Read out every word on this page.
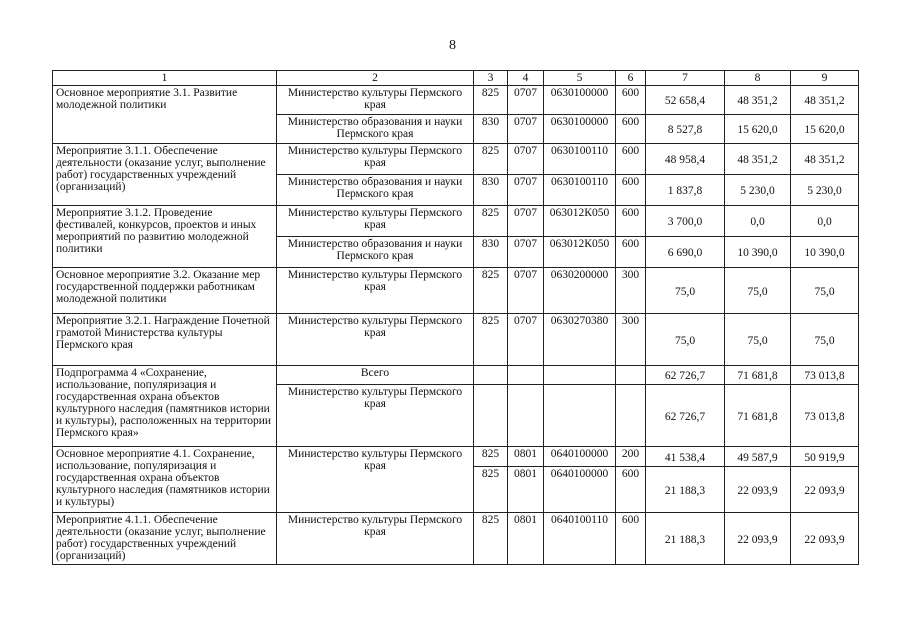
8
1	2	3	4	5	6	7	8	9
Основное мероприятие 3.1. Развитие молодежной политики	Министерство культуры Пермского края	825	0707	0630100000	600	52 658,4	48 351,2	48 351,2
	Министерство образования и науки Пермского края	830	0707	0630100000	600	8 527,8	15 620,0	15 620,0
Мероприятие 3.1.1. Обеспечение деятельности (оказание услуг, выполнение работ) государственных учреждений (организаций)	Министерство культуры Пермского края	825	0707	0630100110	600	48 958,4	48 351,2	48 351,2
	Министерство образования и науки Пермского края	830	0707	0630100110	600	1 837,8	5 230,0	5 230,0
Мероприятие 3.1.2. Проведение фестивалей, конкурсов, проектов и иных мероприятий по развитию молодежной политики	Министерство культуры Пермского края	825	0707	063012К050	600	3 700,0	0,0	0,0
	Министерство образования и науки Пермского края	830	0707	063012К050	600	6 690,0	10 390,0	10 390,0
Основное мероприятие 3.2. Оказание мер государственной поддержки работникам молодежной политики	Министерство культуры Пермского края	825	0707	0630200000	300	75,0	75,0	75,0
Мероприятие 3.2.1. Награждение Почетной грамотой Министерства культуры Пермского края	Министерство культуры Пермского края	825	0707	0630270380	300	75,0	75,0	75,0
Подпрограмма 4 «Сохранение, использование, популяризация и государственная охрана объектов культурного наследия (памятников истории и культуры), расположенных на территории Пермского края»	Всего					62 726,7	71 681,8	73 013,8
	Министерство культуры Пермского края					62 726,7	71 681,8	73 013,8
Основное мероприятие 4.1. Сохранение, использование, популяризация и государственная охрана объектов культурного наследия (памятников истории и культуры)	Министерство культуры Пермского края	825	0801	0640100000	200	41 538,4	49 587,9	50 919,9
		825	0801	0640100000	600	21 188,3	22 093,9	22 093,9
Мероприятие 4.1.1. Обеспечение деятельности (оказание услуг, выполнение работ) государственных учреждений (организаций)	Министерство культуры Пермского края	825	0801	0640100110	600	21 188,3	22 093,9	22 093,9
